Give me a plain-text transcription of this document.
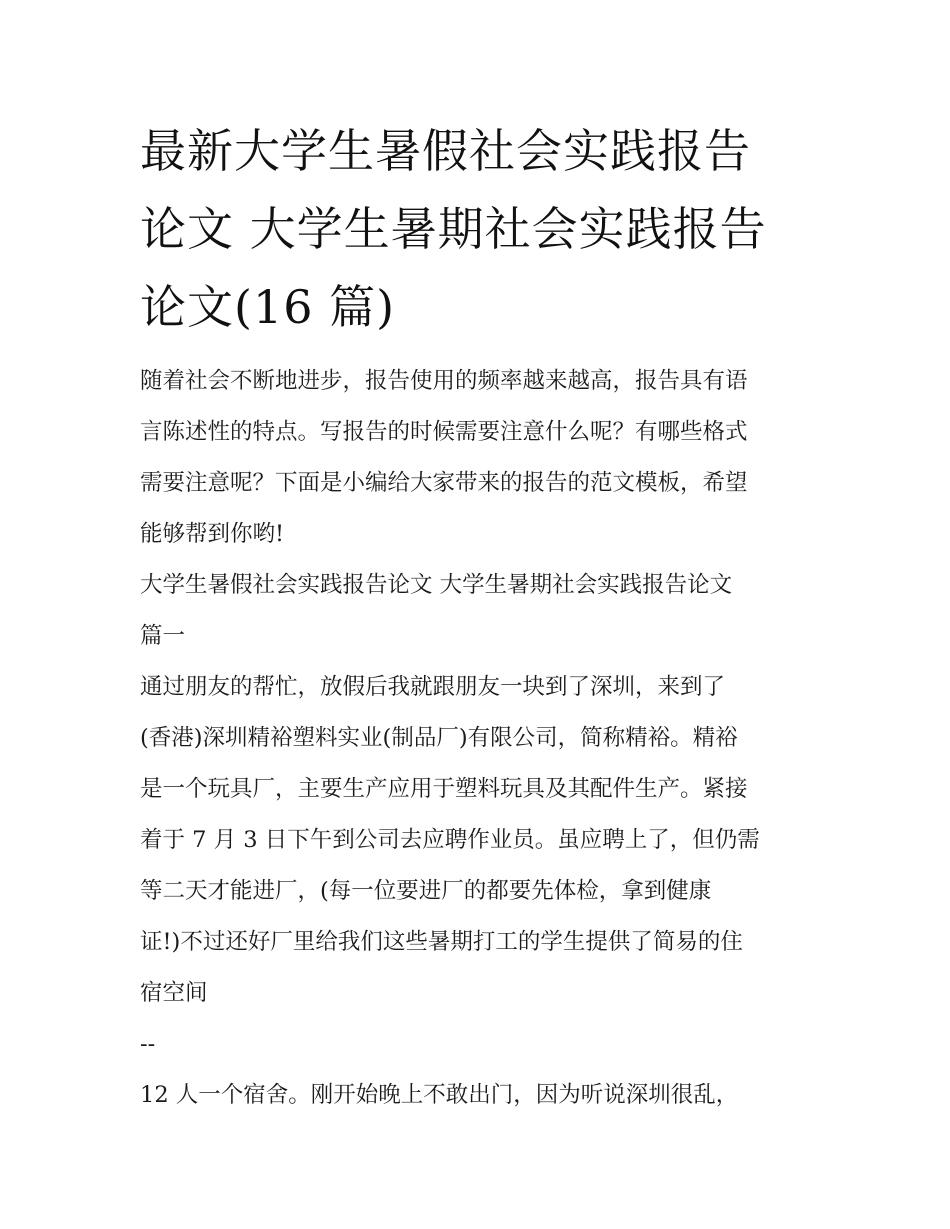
最新大学生暑假社会实践报告
论文 大学生暑期社会实践报告
论文(16 篇)
随着社会不断地进步，报告使用的频率越来越高，报告具有语
言陈述性的特点。写报告的时候需要注意什么呢？有哪些格式
需要注意呢？下面是小编给大家带来的报告的范文模板，希望
能够帮到你哟!
大学生暑假社会实践报告论文 大学生暑期社会实践报告论文
篇一
通过朋友的帮忙，放假后我就跟朋友一块到了深圳，来到了
(香港)深圳精裕塑料实业(制品厂)有限公司，简称精裕。精裕
是一个玩具厂，主要生产应用于塑料玩具及其配件生产。紧接
着于 7 月 3 日下午到公司去应聘作业员。虽应聘上了，但仍需
等二天才能进厂，(每一位要进厂的都要先体检，拿到健康
证!)不过还好厂里给我们这些暑期打工的学生提供了简易的住
宿空间
--
12 人一个宿舍。刚开始晚上不敢出门，因为听说深圳很乱，
